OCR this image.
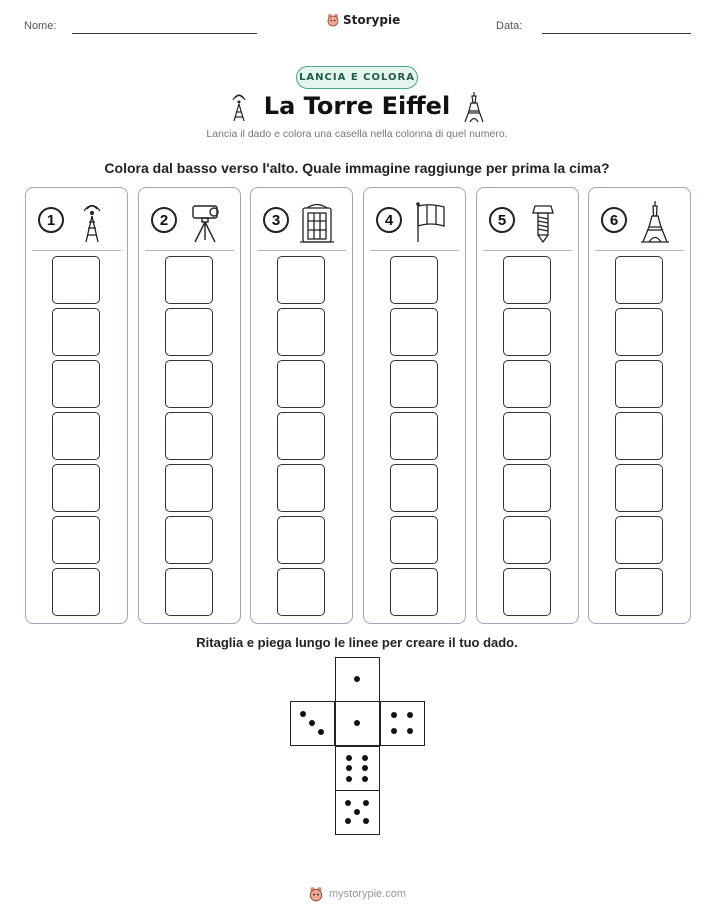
Nome:	Storypie	Data:
LANCIA E COLORA
La Torre Eiffel
Lancia il dado e colora una casella nella colonna di quel numero.
Colora dal basso verso l'alto. Quale immagine raggiunge per prima la cima?
1	2	3	4	5	6
Ritaglia e piega lungo le linee per creare il tuo dado.
mystorypie.com
